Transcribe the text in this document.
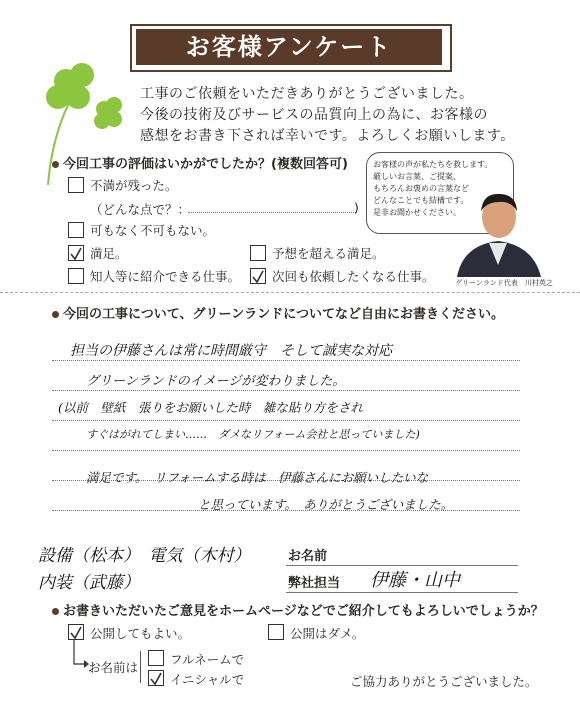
お客様アンケート
工事のご依頼をいただきありがとうございました。
今後の技術及びサービスの品質向上の為に、お客様の
感想をお書き下されば幸いです。よろしくお願いします。
今回工事の評価はいかがでしたか？(複数回答可)
不満が残った。
（どんな点で？：	)
可もなく不可もない。
満足。	予想を超える満足。
知人等に紹介できる仕事。	次回も依頼したくなる仕事。
お客様の声が私たちを救します。
厳しいお言葉、ご提案、
もちろんお褒めの言葉など
どんなことでも結構です。
是非お聞かせください。
グリーンランド代表　川村英之
今回の工事について、グリーンランドについてなど自由にお書きください。
担当の伊藤さんは常に時間厳守　そして誠実な対応
グリーンランドのイメージが変わりました。
(以前　壁紙　張りをお願いした時　雑な貼り方をされ
すぐはがれてしまい……　ダメなリフォーム会社と思っていました)
満足です。　リフォームする時は　伊藤さんにお願いしたいな
と思っています。　ありがとうございました。
設備（松本）　電気（木村）
内装（武藤）
お名前
弊社担当 伊藤・山中
お書きいただいたご意見をホームページなどでご紹介してもよろしいでしょうか？
公開してもよい。	公開はダメ。
お名前は
フルネームで
イニシャルで	ご協力ありがとうございました。
